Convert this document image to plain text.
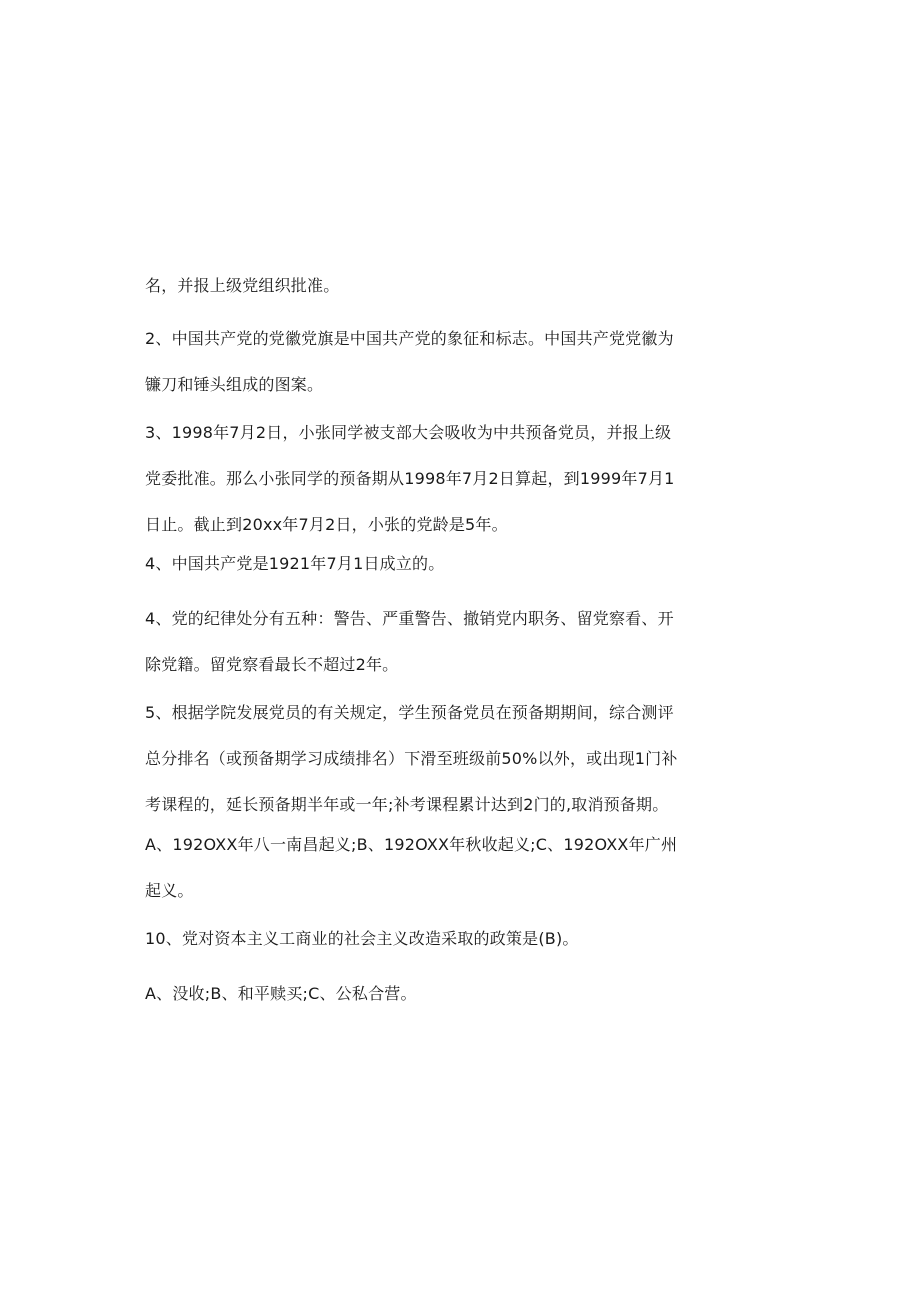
名，并报上级党组织批准。
2、中国共产党的党徽党旗是中国共产党的象征和标志。中国共产党党徽为
镰刀和锤头组成的图案。
3、1998年7月2日，小张同学被支部大会吸收为中共预备党员，并报上级
党委批准。那么小张同学的预备期从1998年7月2日算起，到1999年7月1
日止。截止到20xx年7月2日，小张的党龄是5年。
4、中国共产党是1921年7月1日成立的。
4、党的纪律处分有五种：警告、严重警告、撤销党内职务、留党察看、开
除党籍。留党察看最长不超过2年。
5、根据学院发展党员的有关规定，学生预备党员在预备期期间，综合测评
总分排名（或预备期学习成绩排名）下滑至班级前50%以外，或出现1门补
考课程的，延长预备期半年或一年;补考课程累计达到2门的,取消预备期。
A、192OXX年八一南昌起义;B、192OXX年秋收起义;C、192OXX年广州
起义。
10、党对资本主义工商业的社会主义改造采取的政策是(B)。
A、没收;B、和平赎买;C、公私合营。
